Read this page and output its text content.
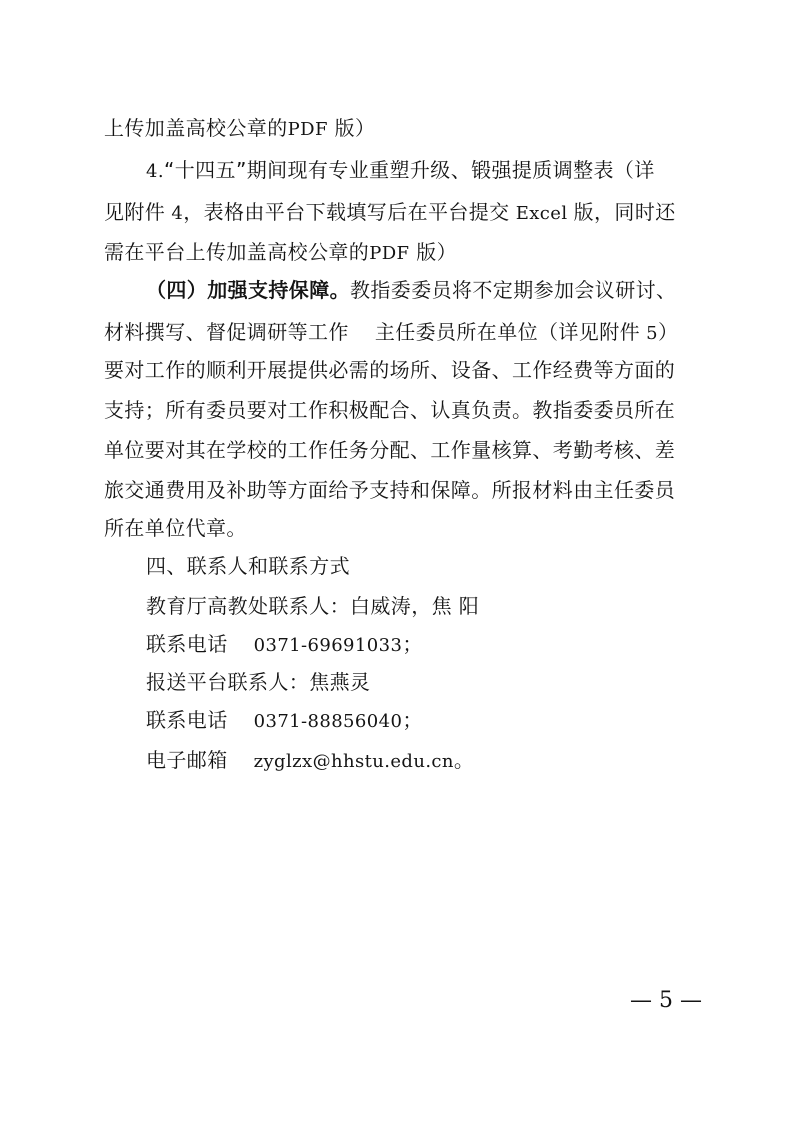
上传加盖高校公章的PDF 版）
4.“十四五”期间现有专业重塑升级、锻强提质调整表（详
见附件 4，表格由平台下载填写后在平台提交 Excel 版，同时还
需在平台上传加盖高校公章的PDF 版）
（四）加强支持保障。教指委委员将不定期参加会议研讨、
材料撰写、督促调研等工作 主任委员所在单位（详见附件 5）
要对工作的顺利开展提供必需的场所、设备、工作经费等方面的
支持；所有委员要对工作积极配合、认真负责。教指委委员所在
单位要对其在学校的工作任务分配、工作量核算、考勤考核、差
旅交通费用及补助等方面给予支持和保障。所报材料由主任委员
所在单位代章。
四、联系人和联系方式
教育厅高教处联系人：白威涛，焦 阳
联系电话 0371-69691033；
报送平台联系人：焦燕灵
联系电话 0371-88856040；
电子邮箱 zyglzx@hhstu.edu.cn。
— 5 —
